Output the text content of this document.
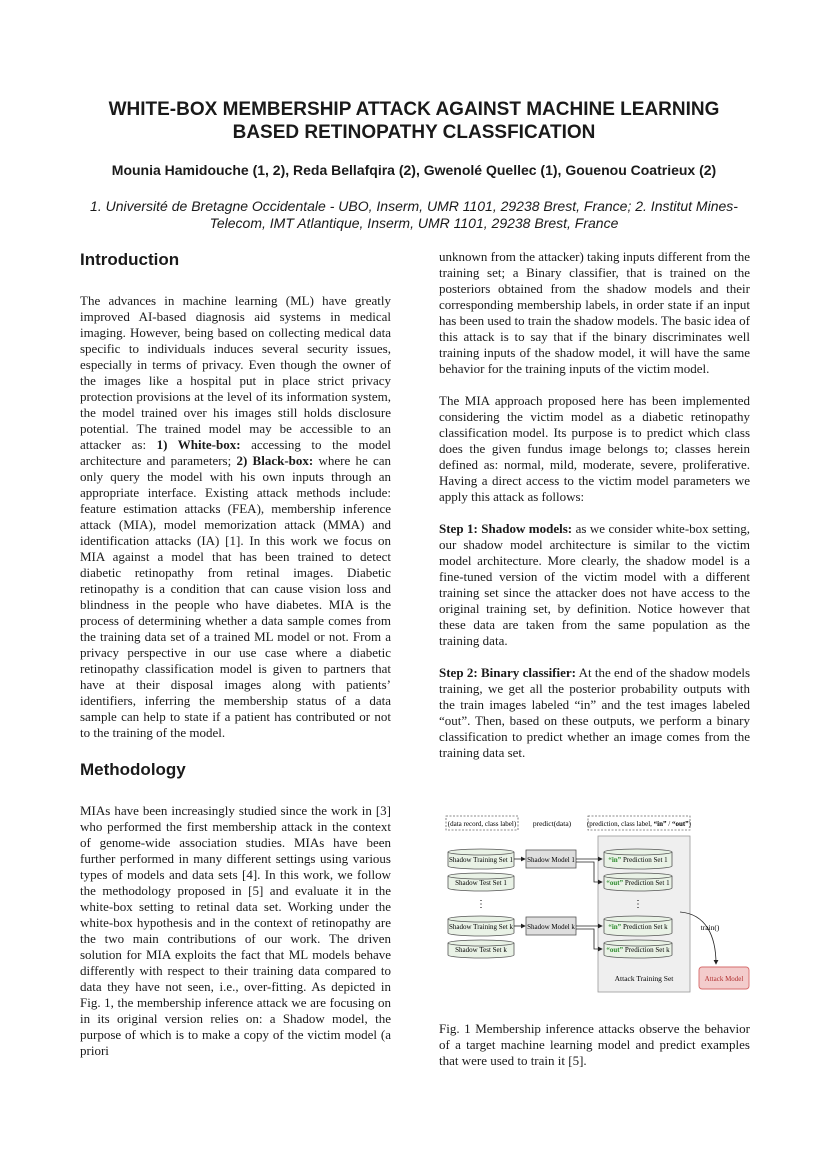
WHITE-BOX MEMBERSHIP ATTACK AGAINST MACHINE LEARNING
BASED RETINOPATHY CLASSFICATION
Mounia Hamidouche (1, 2), Reda Bellafqira (2), Gwenolé Quellec (1), Gouenou Coatrieux (2)
1. Université de Bretagne Occidentale - UBO, Inserm, UMR 1101, 29238 Brest, France; 2. Institut Mines-
Telecom, IMT Atlantique, Inserm, UMR 1101, 29238 Brest, France
Introduction

The advances in machine learning (ML) have greatly improved AI-based diagnosis aid systems in medical imaging. However, being based on collecting medical data specific to individuals induces several security issues, especially in terms of privacy. Even though the owner of the images like a hospital put in place strict privacy protection provisions at the level of its information system, the model trained over his images still holds disclosure potential. The trained model may be accessible to an attacker as: 1) White-box: accessing to the model architecture and parameters; 2) Black-box: where he can only query the model with his own inputs through an appropriate interface. Existing attack methods include: feature estimation attacks (FEA), membership inference attack (MIA), model memorization attack (MMA) and identification attacks (IA) [1]. In this work we focus on MIA against a model that has been trained to detect diabetic retinopathy from retinal images. Diabetic retinopathy is a condition that can cause vision loss and blindness in the people who have diabetes. MIA is the process of determining whether a data sample comes from the training data set of a trained ML model or not. From a privacy perspective in our use case where a diabetic retinopathy classification model is given to partners that have at their disposal images along with patients’ identifiers, inferring the membership status of a data sample can help to state if a patient has contributed or not to the training of the model.

Methodology

MIAs have been increasingly studied since the work in [3] who performed the first membership attack in the context of genome-wide association studies. MIAs have been further performed in many different settings using various types of models and data sets [4]. In this work, we follow the methodology proposed in [5] and evaluate it in the white-box setting to retinal data set. Working under the white-box hypothesis and in the context of retinopathy are the two main contributions of our work. The driven solution for MIA exploits the fact that ML models behave differently with respect to their training data compared to data they have not seen, i.e., over-fitting. As depicted in Fig. 1, the membership inference attack we are focusing on in its original version relies on: a Shadow model, the purpose of which is to make a copy of the victim model (a priori

unknown from the attacker) taking inputs different from the training set; a Binary classifier, that is trained on the posteriors obtained from the shadow models and their corresponding membership labels, in order state if an input has been used to train the shadow models. The basic idea of this attack is to say that if the binary discriminates well training inputs of the shadow model, it will have the same behavior for the training inputs of the victim model.

The MIA approach proposed here has been implemented considering the victim model as a diabetic retinopathy classification model. Its purpose is to predict which class does the given fundus image belongs to; classes herein defined as: normal, mild, moderate, severe, proliferative. Having a direct access to the victim model parameters we apply this attack as follows:

Step 1: Shadow models: as we consider white-box setting, our shadow model architecture is similar to the victim model architecture. More clearly, the shadow model is a fine-tuned version of the victim model with a different training set since the attacker does not have access to the original training set, by definition. Notice however that these data are taken from the same population as the training data.

Step 2: Binary classifier: At the end of the shadow models training, we get all the posterior probability outputs with the train images labeled “in” and the test images labeled “out”. Then, based on these outputs, we perform a binary classification to predict whether an image comes from the training data set.

(data record, class label) predict(data) (prediction, class label, “in” / “out”)
Attack Training Set
Shadow Training Set 1
Shadow Test Set 1
Shadow Model 1	“in” Prediction Set 1
“out” Prediction Set 1
⋮	⋮
Shadow Training Set k
Shadow Test Set k
Shadow Model k	“in” Prediction Set k
“out” Prediction Set k
train()
Attack Model

Fig. 1 Membership inference attacks observe the behavior of a target machine learning model and predict examples that were used to train it [5].
